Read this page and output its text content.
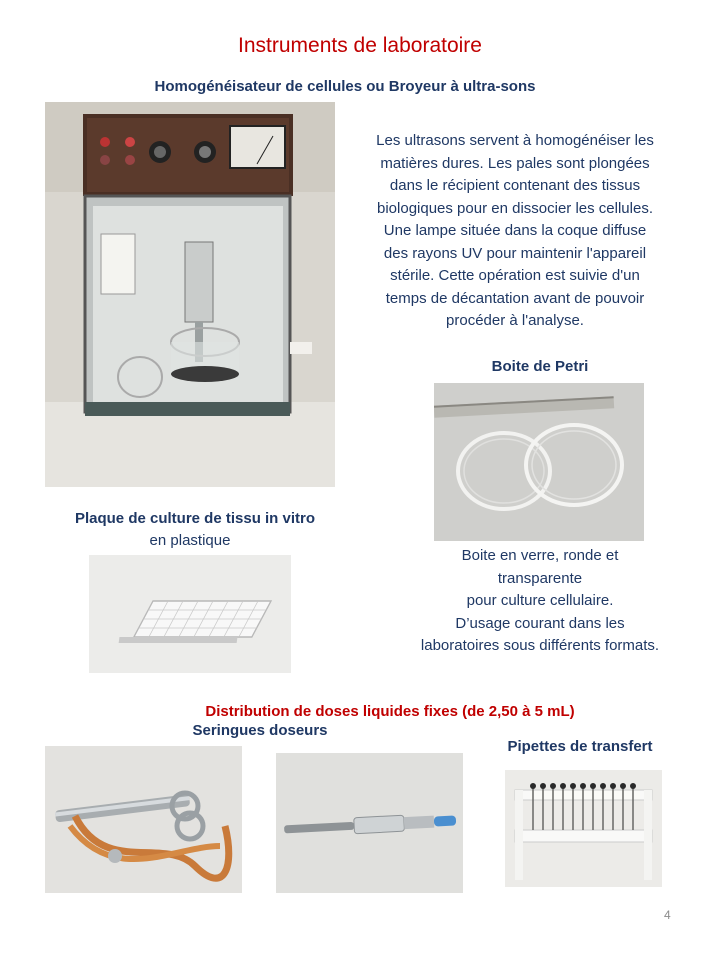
Instruments de laboratoire
Homogénéisateur de cellules ou Broyeur à ultra-sons
Les ultrasons servent à homogénéiser les
matières dures. Les pales sont plongées
dans le récipient contenant des tissus
biologiques pour en dissocier les cellules.
Une lampe située dans la coque diffuse
des rayons UV pour maintenir l'appareil
stérile. Cette opération est suivie d'un
temps de décantation avant de pouvoir
procéder à l'analyse.
Boite de Petri
Boite en verre, ronde et
transparente
pour culture cellulaire.
D’usage courant dans les
laboratoires sous différents formats.
Plaque de culture de tissu in vitro
en plastique
Distribution de doses liquides fixes (de 2,50 à 5 mL)
Seringues doseurs
Pipettes de transfert
4
